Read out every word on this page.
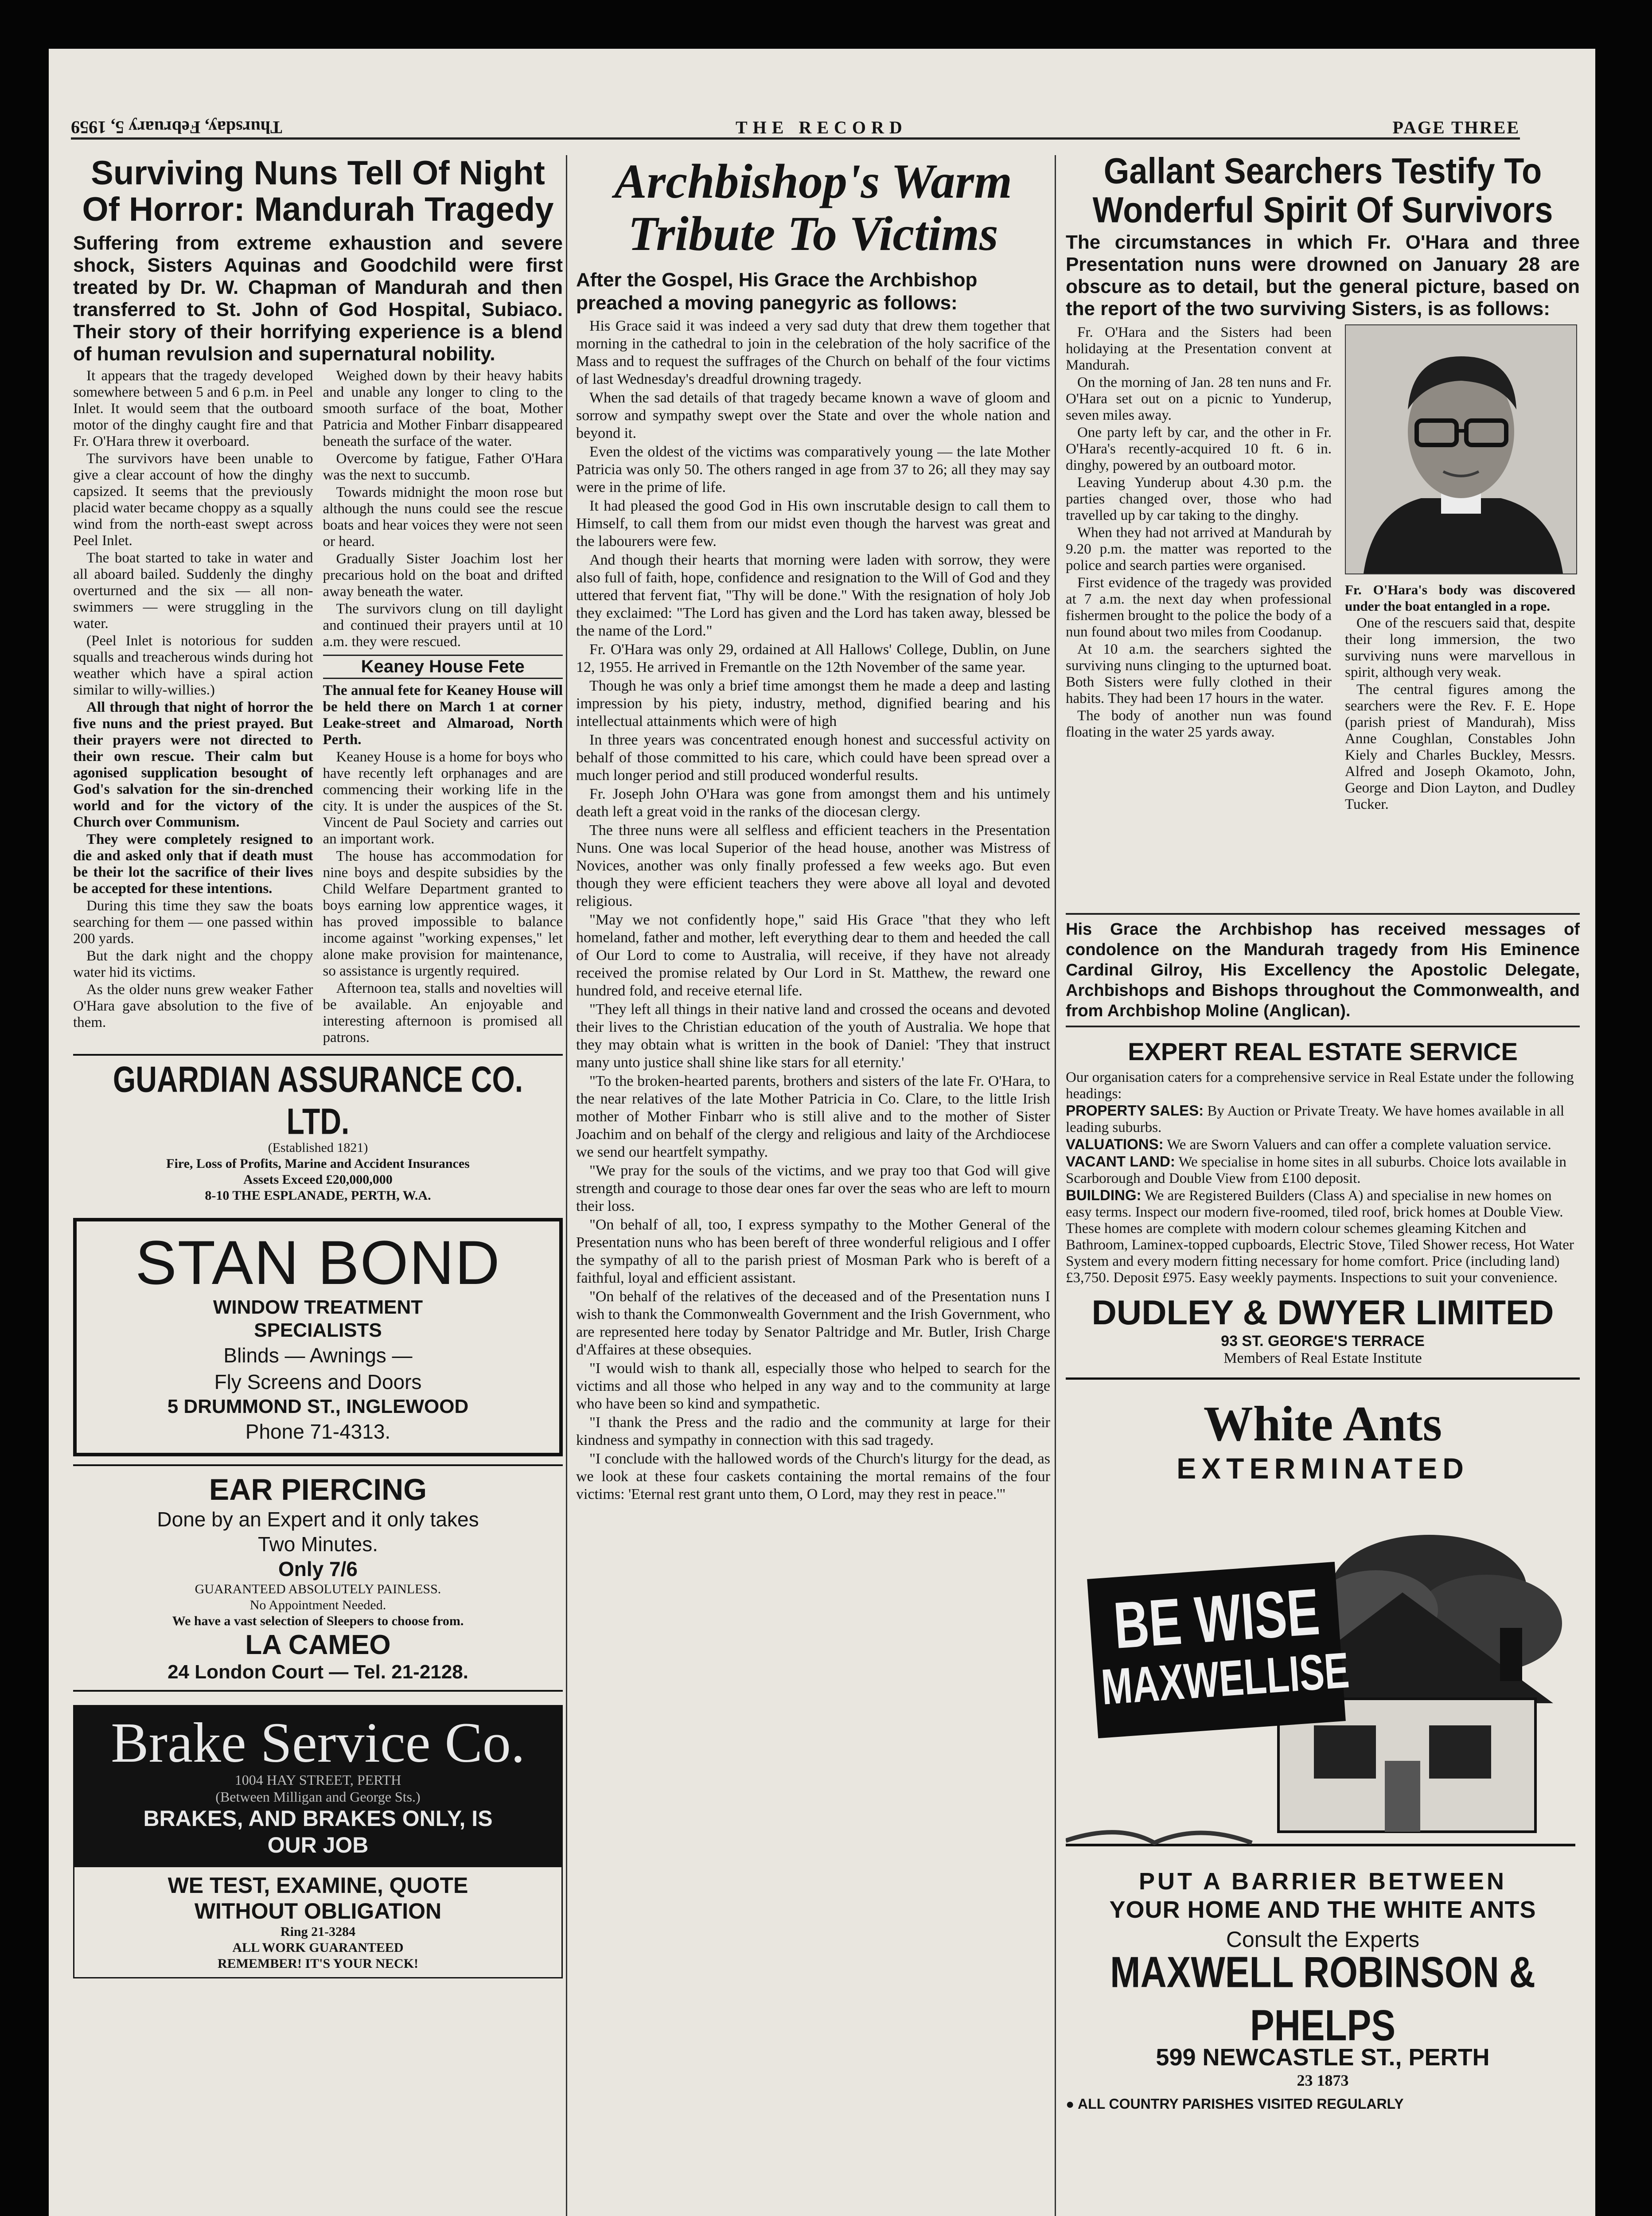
Thursday, February 5, 1959	THE RECORD	PAGE THREE
Surviving Nuns Tell Of Night Of Horror: Mandurah Tragedy
Suffering from extreme exhaustion and severe shock, Sisters Aquinas and Goodchild were first treated by Dr. W. Chapman of Mandurah and then transferred to St. John of God Hospital, Subiaco. Their story of their horrifying experience is a blend of human revulsion and supernatural nobility.

It appears that the tragedy developed somewhere between 5 and 6 p.m. in Peel Inlet. It would seem that the outboard motor of the dinghy caught fire and that Fr. O'Hara threw it overboard.

The survivors have been unable to give a clear account of how the dinghy capsized. It seems that the previously placid water became choppy as a squally wind from the north-east swept across Peel Inlet.

The boat started to take in water and all aboard bailed. Suddenly the dinghy overturned and the six — all non-swimmers — were struggling in the water.

(Peel Inlet is notorious for sudden squalls and treacherous winds during hot weather which have a spiral action similar to willy-willies.)

All through that night of horror the five nuns and the priest prayed. But their prayers were not directed to their own rescue. Their calm but agonised supplication besought of God's salvation for the sin-drenched world and for the victory of the Church over Communism.

They were completely resigned to die and asked only that if death must be their lot the sacrifice of their lives be accepted for these intentions.

During this time they saw the boats searching for them — one passed within 200 yards.

But the dark night and the choppy water hid its victims.

As the older nuns grew weaker Father O'Hara gave absolution to the five of them.

Weighed down by their heavy habits and unable any longer to cling to the smooth surface of the boat, Mother Patricia and Mother Finbarr disappeared beneath the surface of the water.

Overcome by fatigue, Father O'Hara was the next to succumb.

Towards midnight the moon rose but although the nuns could see the rescue boats and hear voices they were not seen or heard.

Gradually Sister Joachim lost her precarious hold on the boat and drifted away beneath the water.

The survivors clung on till daylight and continued their prayers until at 10 a.m. they were rescued.

Keaney House Fete

The annual fete for Keaney House will be held there on March 1 at corner Leake-street and Almaroad, North Perth.

Keaney House is a home for boys who have recently left orphanages and are commencing their working life in the city. It is under the auspices of the St. Vincent de Paul Society and carries out an important work.

The house has accommodation for nine boys and despite subsidies by the Child Welfare Department granted to boys earning low apprentice wages, it has proved impossible to balance income against "working expenses," let alone make provision for maintenance, so assistance is urgently required.

Afternoon tea, stalls and novelties will be available. An enjoyable and interesting afternoon is promised all patrons.

GUARDIAN ASSURANCE CO. LTD.
(Established 1821)
Fire, Loss of Profits, Marine and Accident Insurances
Assets Exceed £20,000,000
8-10 THE ESPLANADE, PERTH, W.A.
STAN BOND
WINDOW TREATMENT
SPECIALISTS
Blinds — Awnings —
Fly Screens and Doors
5 DRUMMOND ST., INGLEWOOD
Phone 71-4313.
EAR PIERCING
Done by an Expert and it only takes
Two Minutes.
Only 7/6
GUARANTEED ABSOLUTELY PAINLESS.
No Appointment Needed.
We have a vast selection of Sleepers to choose from.
LA CAMEO
24 London Court — Tel. 21-2128.
Brake Service Co.
1004 HAY STREET, PERTH
(Between Milligan and George Sts.)
BRAKES, AND BRAKES ONLY, IS
OUR JOB
WE TEST, EXAMINE, QUOTE
WITHOUT OBLIGATION
Ring 21-3284
ALL WORK GUARANTEED
REMEMBER! IT'S YOUR NECK!
Archbishop's Warm
Tribute To Victims
After the Gospel, His Grace the Archbishop preached a moving panegyric as follows:

His Grace said it was indeed a very sad duty that drew them together that morning in the cathedral to join in the celebration of the holy sacrifice of the Mass and to request the suffrages of the Church on behalf of the four victims of last Wednesday's dreadful drowning tragedy.

When the sad details of that tragedy became known a wave of gloom and sorrow and sympathy swept over the State and over the whole nation and beyond it.

Even the oldest of the victims was comparatively young — the late Mother Patricia was only 50. The others ranged in age from 37 to 26; all they may say were in the prime of life.

It had pleased the good God in His own inscrutable design to call them to Himself, to call them from our midst even though the harvest was great and the labourers were few.

And though their hearts that morning were laden with sorrow, they were also full of faith, hope, confidence and resignation to the Will of God and they uttered that fervent fiat, "Thy will be done." With the resignation of holy Job they exclaimed: "The Lord has given and the Lord has taken away, blessed be the name of the Lord."

Fr. O'Hara was only 29, ordained at All Hallows' College, Dublin, on June 12, 1955. He arrived in Fremantle on the 12th November of the same year.

Though he was only a brief time amongst them he made a deep and lasting impression by his piety, industry, method, dignified bearing and his intellectual attainments which were of high

In three years was concentrated enough honest and successful activity on behalf of those committed to his care, which could have been spread over a much longer period and still produced wonderful results.

Fr. Joseph John O'Hara was gone from amongst them and his untimely death left a great void in the ranks of the diocesan clergy.

The three nuns were all selfless and efficient teachers in the Presentation Nuns. One was local Superior of the head house, another was Mistress of Novices, another was only finally professed a few weeks ago. But even though they were efficient teachers they were above all loyal and devoted religious.

"May we not confidently hope," said His Grace "that they who left homeland, father and mother, left everything dear to them and heeded the call of Our Lord to come to Australia, will receive, if they have not already received the promise related by Our Lord in St. Matthew, the reward one hundred fold, and receive eternal life.

"They left all things in their native land and crossed the oceans and devoted their lives to the Christian education of the youth of Australia. We hope that they may obtain what is written in the book of Daniel: 'They that instruct many unto justice shall shine like stars for all eternity.'

"To the broken-hearted parents, brothers and sisters of the late Fr. O'Hara, to the near relatives of the late Mother Patricia in Co. Clare, to the little Irish mother of Mother Finbarr who is still alive and to the mother of Sister Joachim and on behalf of the clergy and religious and laity of the Archdiocese we send our heartfelt sympathy.

"We pray for the souls of the victims, and we pray too that God will give strength and courage to those dear ones far over the seas who are left to mourn their loss.

"On behalf of all, too, I express sympathy to the Mother General of the Presentation nuns who has been bereft of three wonderful religious and I offer the sympathy of all to the parish priest of Mosman Park who is bereft of a faithful, loyal and efficient assistant.

"On behalf of the relatives of the deceased and of the Presentation nuns I wish to thank the Commonwealth Government and the Irish Government, who are represented here today by Senator Paltridge and Mr. Butler, Irish Charge d'Affaires at these obsequies.

"I would wish to thank all, especially those who helped to search for the victims and all those who helped in any way and to the community at large who have been so kind and sympathetic.

"I thank the Press and the radio and the community at large for their kindness and sympathy in connection with this sad tragedy.

"I conclude with the hallowed words of the Church's liturgy for the dead, as we look at these four caskets containing the mortal remains of the four victims: 'Eternal rest grant unto them, O Lord, may they rest in peace.'"

Gallant Searchers Testify To Wonderful Spirit Of Survivors
The circumstances in which Fr. O'Hara and three Presentation nuns were drowned on January 28 are obscure as to detail, but the general picture, based on the report of the two surviving Sisters, is as follows:

Fr. O'Hara and the Sisters had been holidaying at the Presentation convent at Mandurah.

On the morning of Jan. 28 ten nuns and Fr. O'Hara set out on a picnic to Yunderup, seven miles away.

One party left by car, and the other in Fr. O'Hara's recently-acquired 10 ft. 6 in. dinghy, powered by an outboard motor.

Leaving Yunderup about 4.30 p.m. the parties changed over, those who had travelled up by car taking to the dinghy.

When they had not arrived at Mandurah by 9.20 p.m. the matter was reported to the police and search parties were organised.

First evidence of the tragedy was provided at 7 a.m. the next day when professional fishermen brought to the police the body of a nun found about two miles from Coodanup.

At 10 a.m. the searchers sighted the surviving nuns clinging to the upturned boat. Both Sisters were fully clothed in their habits. They had been 17 hours in the water.

The body of another nun was found floating in the water 25 yards away.

Fr. O'Hara's body was discovered under the boat entangled in a rope.

One of the rescuers said that, despite their long immersion, the two surviving nuns were marvellous in spirit, although very weak.

The central figures among the searchers were the Rev. F. E. Hope (parish priest of Mandurah), Miss Anne Coughlan, Constables John Kiely and Charles Buckley, Messrs. Alfred and Joseph Okamoto, John, George and Dion Layton, and Dudley Tucker.

His Grace the Archbishop has received messages of condolence on the Mandurah tragedy from His Eminence Cardinal Gilroy, His Excellency the Apostolic Delegate, Archbishops and Bishops throughout the Commonwealth, and from Archbishop Moline (Anglican).
EXPERT REAL ESTATE SERVICE
Our organisation caters for a comprehensive service in Real Estate under the following headings:
PROPERTY SALES: By Auction or Private Treaty. We have homes available in all leading suburbs.
VALUATIONS: We are Sworn Valuers and can offer a complete valuation service.
VACANT LAND: We specialise in home sites in all suburbs. Choice lots available in Scarborough and Double View from £100 deposit.
BUILDING: We are Registered Builders (Class A) and specialise in new homes on easy terms. Inspect our modern five-roomed, tiled roof, brick homes at Double View.
These homes are complete with modern colour schemes gleaming Kitchen and Bathroom, Laminex-topped cupboards, Electric Stove, Tiled Shower recess, Hot Water System and every modern fitting necessary for home comfort. Price (including land) £3,750. Deposit £975. Easy weekly payments. Inspections to suit your convenience.
DUDLEY & DWYER LIMITED
93 ST. GEORGE'S TERRACE
Members of Real Estate Institute
White Ants
EXTERMINATED
BE WISE
MAXWELLISE
PUT A BARRIER BETWEEN
YOUR HOME AND THE WHITE ANTS
Consult the Experts
MAXWELL ROBINSON & PHELPS
599 NEWCASTLE ST., PERTH
23 1873
● ALL COUNTRY PARISHES VISITED REGULARLY
